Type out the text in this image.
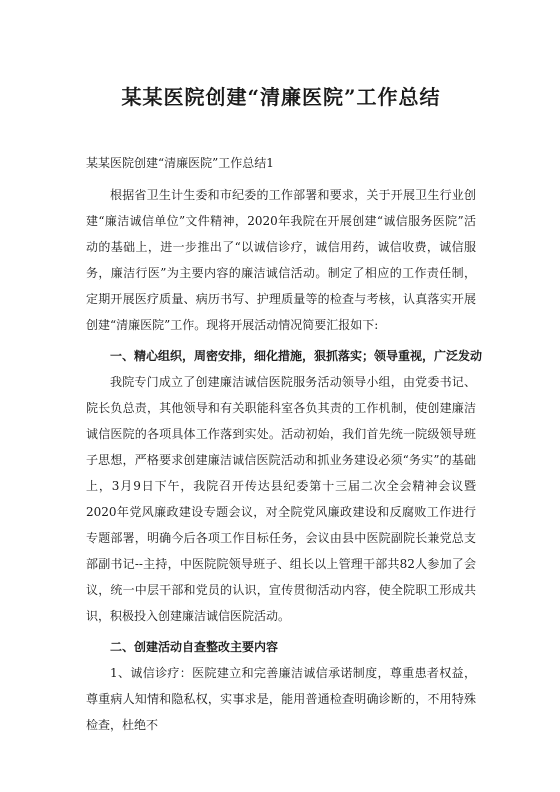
某某医院创建“清廉医院”工作总结
某某医院创建“清廉医院”工作总结1

根据省卫生计生委和市纪委的工作部署和要求，关于开展卫生行业创建“廉洁诚信单位”文件精神，2020年我院在开展创建“诚信服务医院”活动的基础上，进一步推出了“以诚信诊疗，诚信用药，诚信收费，诚信服务，廉洁行医”为主要内容的廉洁诚信活动。制定了相应的工作责任制，定期开展医疗质量、病历书写、护理质量等的检查与考核，认真落实开展创建“清廉医院”工作。现将开展活动情况简要汇报如下:

一、精心组织，周密安排，细化措施，狠抓落实；领导重视，广泛发动

我院专门成立了创建廉洁诚信医院服务活动领导小组，由党委书记、院长负总责，其他领导和有关职能科室各负其责的工作机制，使创建廉洁诚信医院的各项具体工作落到实处。活动初始，我们首先统一院级领导班子思想，严格要求创建廉洁诚信医院活动和抓业务建设必须“务实”的基础上，3月9日下午，我院召开传达县纪委第十三届二次全会精神会议暨2020年党风廉政建设专题会议，对全院党风廉政建设和反腐败工作进行专题部署，明确今后各项工作目标任务，会议由县中医院副院长兼党总支部副书记--⁠主持，中医院院领导班子、组长以上管理干部共82人参加了会议，统一中层干部和党员的认识，宣传贯彻活动内容，使全院职工形成共识，积极投入创建廉洁诚信医院活动。

二、创建活动自查整改主要内容

1、诚信诊疗：医院建立和完善廉洁诚信承诺制度，尊重患者权益，尊重病人知情和隐私权，实事求是，能用普通检查明确诊断的，不用特殊检查，杜绝不
